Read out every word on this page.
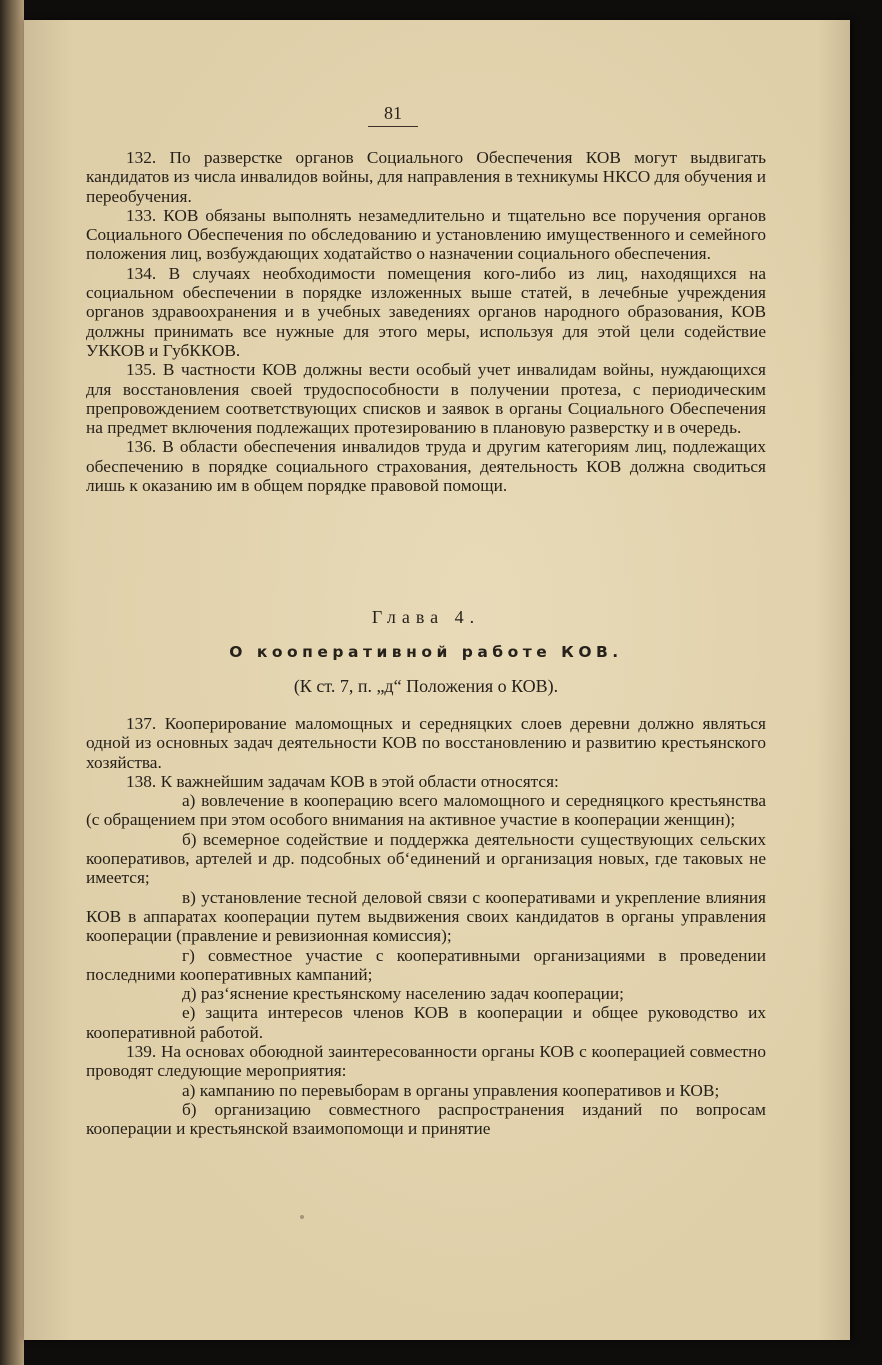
81

132. По разверстке органов Социального Обеспечения КОВ могут выдвигать кандидатов из числа инвалидов войны, для направления в техникумы НКСО для обучения и переобучения.

133. КОВ обязаны выполнять незамедлительно и тщательно все поручения органов Социального Обеспечения по обследованию и установлению имущественного и семейного положения лиц, возбуждающих ходатайство о назначении социального обеспечения.

134. В случаях необходимости помещения кого-либо из лиц, находящихся на социальном обеспечении в порядке изложенных выше статей, в лечебные учреждения органов здравоохранения и в учебных заведениях органов народного образования, КОВ должны принимать все нужные для этого меры, используя для этой цели содействие УККОВ и ГубККОВ.

135. В частности КОВ должны вести особый учет инвалидам войны, нуждающихся для восстановления своей трудоспособности в получении протеза, с периодическим препровождением соответствующих списков и заявок в органы Социального Обеспечения на предмет включения подлежащих протезированию в плановую разверстку и в очередь.

136. В области обеспечения инвалидов труда и другим категориям лиц, подлежащих обеспечению в порядке социального страхования, деятельность КОВ должна сводиться лишь к оказанию им в общем порядке правовой помощи.

Глава 4.

О кооперативной работе КОВ.

(К ст. 7, п. „д“ Положения о КОВ).

137. Кооперирование маломощных и середняцких слоев деревни должно являться одной из основных задач деятельности КОВ по восстановлению и развитию крестьянского хозяйства.

138. К важнейшим задачам КОВ в этой области относятся:

а) вовлечение в кооперацию всего маломощного и середняцкого крестьянства (с обращением при этом особого внимания на активное участие в кооперации женщин);

б) всемерное содействие и поддержка деятельности существующих сельских кооперативов, артелей и др. подсобных об‘единений и организация новых, где таковых не имеется;

в) установление тесной деловой связи с кооперативами и укрепление влияния КОВ в аппаратах кооперации путем выдвижения своих кандидатов в органы управления кооперации (правление и ревизионная комиссия);

г) совместное участие с кооперативными организациями в проведении последними кооперативных кампаний;

д) раз‘яснение крестьянскому населению задач кооперации;

е) защита интересов членов КОВ в кооперации и общее руководство их кооперативной работой.

139. На основах обоюдной заинтересованности органы КОВ с кооперацией совместно проводят следующие мероприятия:

а) кампанию по перевыборам в органы управления кооперативов и КОВ;

б) организацию совместного распространения изданий по вопросам кооперации и крестьянской взаимопомощи и принятие
